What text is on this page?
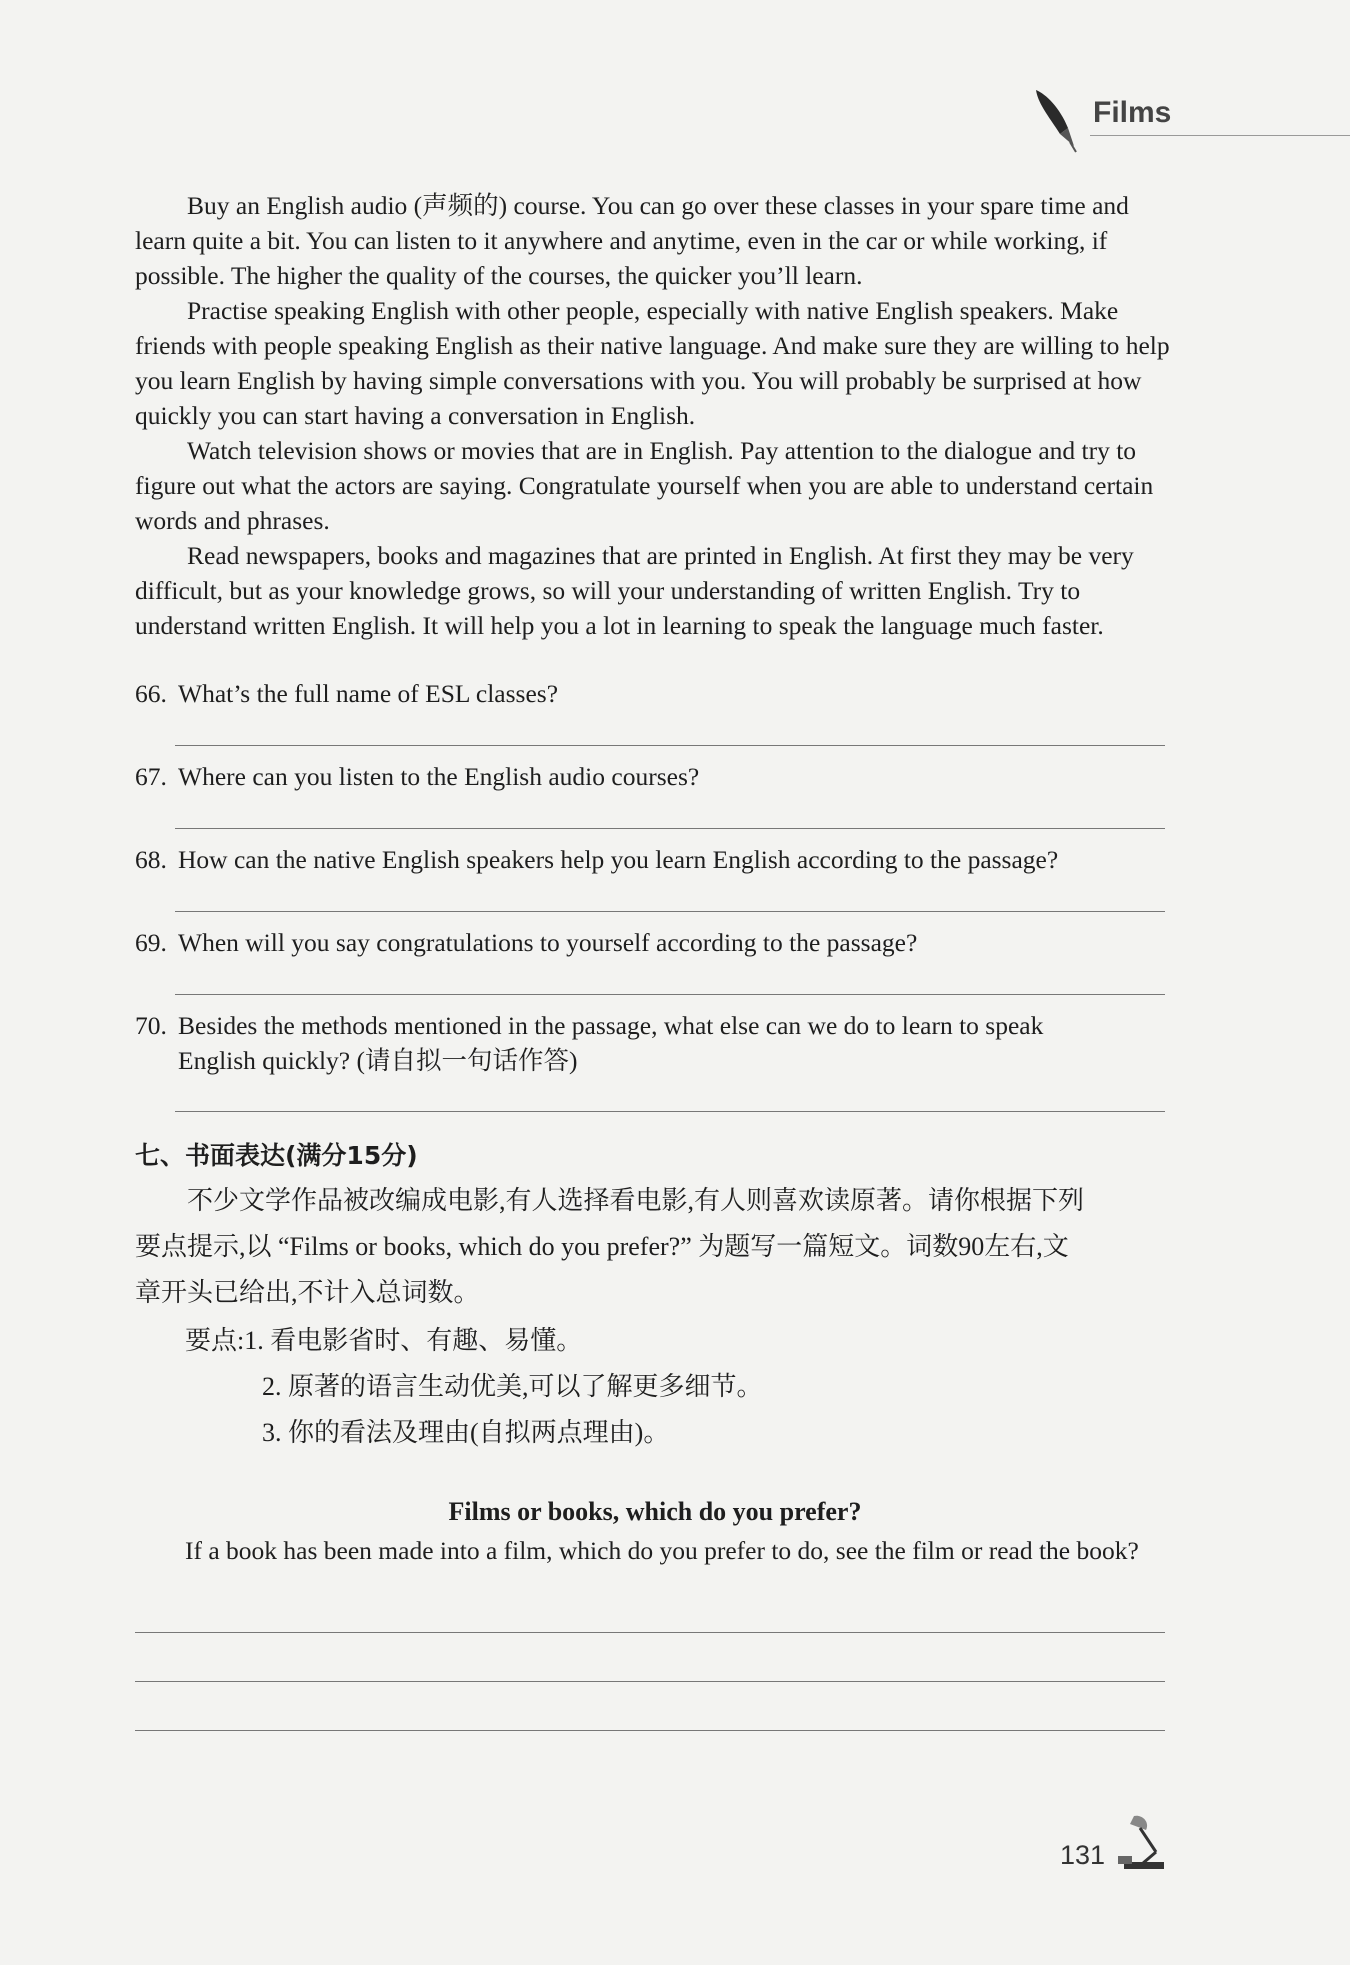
Films

Buy an English audio (声频的) course. You can go over these classes in your spare time and learn quite a bit. You can listen to it anywhere and anytime, even in the car or while working, if possible. The higher the quality of the courses, the quicker you’ll learn.

Practise speaking English with other people, especially with native English speakers. Make friends with people speaking English as their native language. And make sure they are willing to help you learn English by having simple conversations with you. You will probably be surprised at how quickly you can start having a conversation in English.

Watch television shows or movies that are in English. Pay attention to the dialogue and try to figure out what the actors are saying. Congratulate yourself when you are able to understand certain words and phrases.

Read newspapers, books and magazines that are printed in English. At first they may be very difficult, but as your knowledge grows, so will your understanding of written English. Try to understand written English. It will help you a lot in learning to speak the language much faster.

66. What’s the full name of ESL classes?
67. Where can you listen to the English audio courses?
68. How can the native English speakers help you learn English according to the passage?
69. When will you say congratulations to yourself according to the passage?
70. Besides the methods mentioned in the passage, what else can we do to learn to speak
English quickly? (请自拟一句话作答)
七、书面表达(满分15分)

不少文学作品被改编成电影,有人选择看电影,有人则喜欢读原著。请你根据下列

要点提示,以 “Films or books, which do you prefer?” 为题写一篇短文。词数90左右,文

章开头已给出,不计入总词数。

要点:1. 看电影省时、有趣、易懂。

2. 原著的语言生动优美,可以了解更多细节。

3. 你的看法及理由(自拟两点理由)。

Films or books, which do you prefer?

If a book has been made into a film, which do you prefer to do, see the film or read the book?

131
